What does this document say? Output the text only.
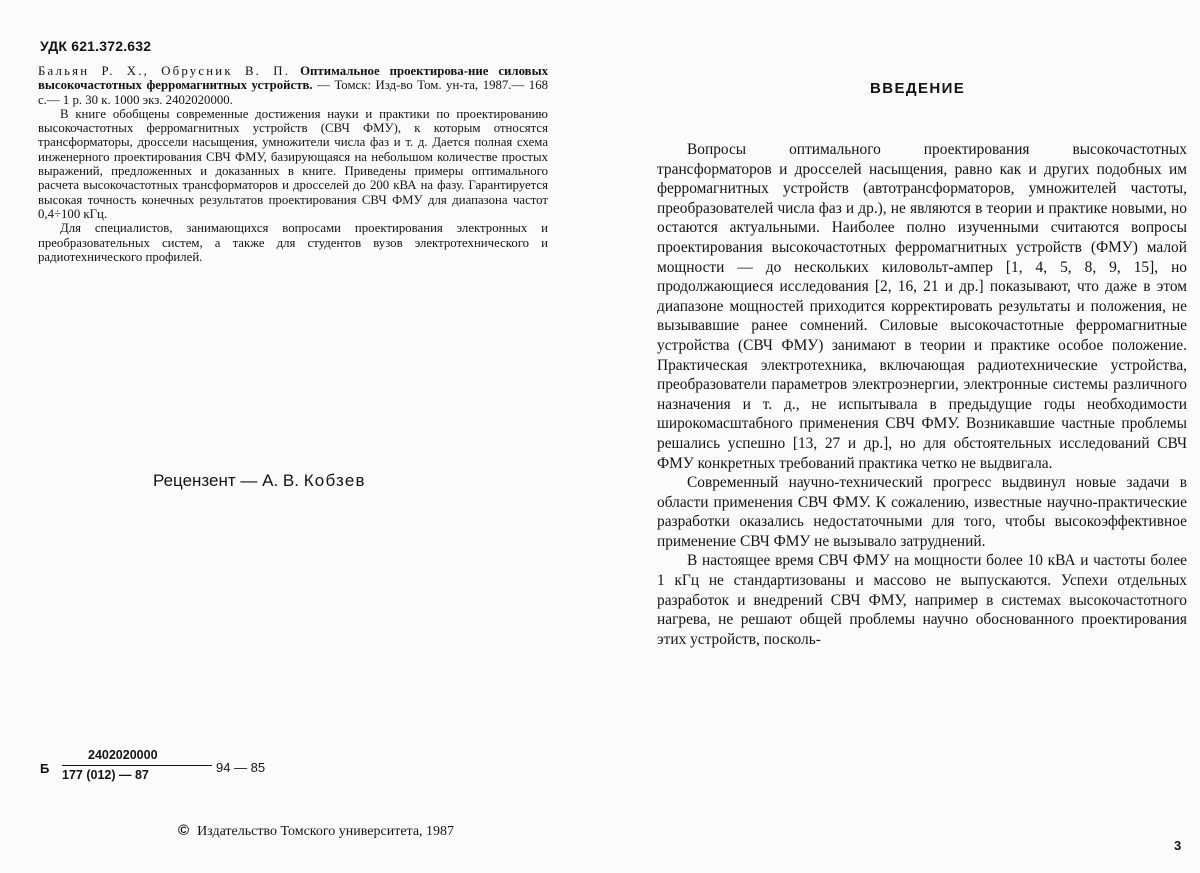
УДК 621.372.632

Бальян Р. Х., Обрусник В. П. Оптимальное проектирова-ние силовых высокочастотных ферромагнитных устройств. — Томск: Изд-во Том. ун-та, 1987.— 168 с.— 1 р. 30 к. 1000 экз. 2402020000.

В книге обобщены современные достижения науки и практики по проектированию высокочастотных ферромагнитных устройств (СВЧ ФМУ), к которым относятся трансформаторы, дроссели насыщения, умножители числа фаз и т. д. Дается полная схема инженерного проектирования СВЧ ФМУ, базирующаяся на небольшом количестве простых выражений, предложенных и доказанных в книге. Приведены примеры оптимального расчета высокочастотных трансформаторов и дросселей до 200 кВА на фазу. Гарантируется высокая точность конечных результатов проектирования СВЧ ФМУ для диапазона частот 0,4÷100 кГц.

Для специалистов, занимающихся вопросами проектирования электронных и преобразовательных систем, а также для студентов вузов электротехнического и радиотехнического профилей.

Рецензент — А. В. Кобзев
Б
2402020000
177 (012) — 87	94 — 85
© Издательство Томского университета, 1987
ВВЕДЕНИЕ

Вопросы оптимального проектирования высокочастотных трансформаторов и дросселей насыщения, равно как и других подобных им ферромагнитных устройств (автотрансформаторов, умножителей частоты, преобразователей числа фаз и др.), не являются в теории и практике новыми, но остаются актуальными. Наиболее полно изученными считаются вопросы проектирования высокочастотных ферромагнитных устройств (ФМУ) малой мощности — до нескольких киловольт-ампер [1, 4, 5, 8, 9, 15], но продолжающиеся исследования [2, 16, 21 и др.] показывают, что даже в этом диапазоне мощностей приходится корректировать результаты и положения, не вызывавшие ранее сомнений. Силовые высокочастотные ферромагнитные устройства (СВЧ ФМУ) занимают в теории и практике особое положение. Практическая электротехника, включающая радиотехнические устройства, преобразователи параметров электроэнергии, электронные системы различного назначения и т. д., не испытывала в предыдущие годы необходимости широкомасштабного применения СВЧ ФМУ. Возникавшие частные проблемы решались успешно [13, 27 и др.], но для обстоятельных исследований СВЧ ФМУ конкретных требований практика четко не выдвигала.

Современный научно-технический прогресс выдвинул новые задачи в области применения СВЧ ФМУ. К сожалению, известные научно-практические разработки оказались недостаточными для того, чтобы высокоэффективное применение СВЧ ФМУ не вызывало затруднений.

В настоящее время СВЧ ФМУ на мощности более 10 кВА и частоты более 1 кГц не стандартизованы и массово не выпускаются. Успехи отдельных разработок и внедрений СВЧ ФМУ, например в системах высокочастотного нагрева, не решают общей проблемы научно обоснованного проектирования этих устройств, посколь-

3
